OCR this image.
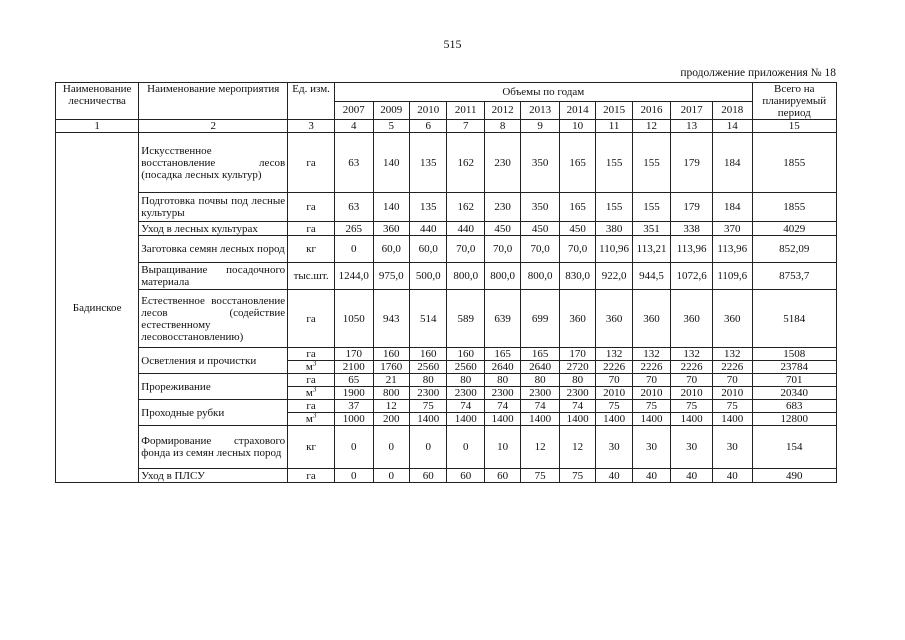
515
продолжение приложения № 18
Наименование лесничества	Наименование мероприятия	Ед. изм.	Объемы по годам											Всего на планируемый период
			2007	2009	2010	2011	2012	2013	2014	2015	2016	2017	2018	
1	2	3	4	5	6	7	8	9	10	11	12	13	14	15
Бадинское	Искусственное восстановление лесов (посадка лесных культур)	га	63	140	135	162	230	350	165	155	155	179	184	1855
	Подготовка почвы под лесные культуры	га	63	140	135	162	230	350	165	155	155	179	184	1855
	Уход в лесных культурах	га	265	360	440	440	450	450	450	380	351	338	370	4029
	Заготовка семян лесных пород	кг	0	60,0	60,0	70,0	70,0	70,0	70,0	110,96	113,21	113,96	113,96	852,09
	Выращивание посадочного материала	тыс.шт.	1244,0	975,0	500,0	800,0	800,0	800,0	830,0	922,0	944,5	1072,6	1109,6	8753,7
	Естественное восстановление лесов (содействие естественному лесовосстановлению)	га	1050	943	514	589	639	699	360	360	360	360	360	5184
	Осветления и прочистки	га	170	160	160	160	165	165	170	132	132	132	132	1508
		$м^3$	2100	1760	2560	2560	2640	2640	2720	2226	2226	2226	2226	23784
	Прореживание	га	65	21	80	80	80	80	80	70	70	70	70	701
		$м^3$	1900	800	2300	2300	2300	2300	2300	2010	2010	2010	2010	20340
	Проходные рубки	га	37	12	75	74	74	74	74	75	75	75	75	683
		$м^3$	1000	200	1400	1400	1400	1400	1400	1400	1400	1400	1400	12800
	Формирование страхового фонда из семян лесных пород	кг	0	0	0	0	10	12	12	30	30	30	30	154
	Уход в ПЛСУ	га	0	0	60	60	60	75	75	40	40	40	40	490
